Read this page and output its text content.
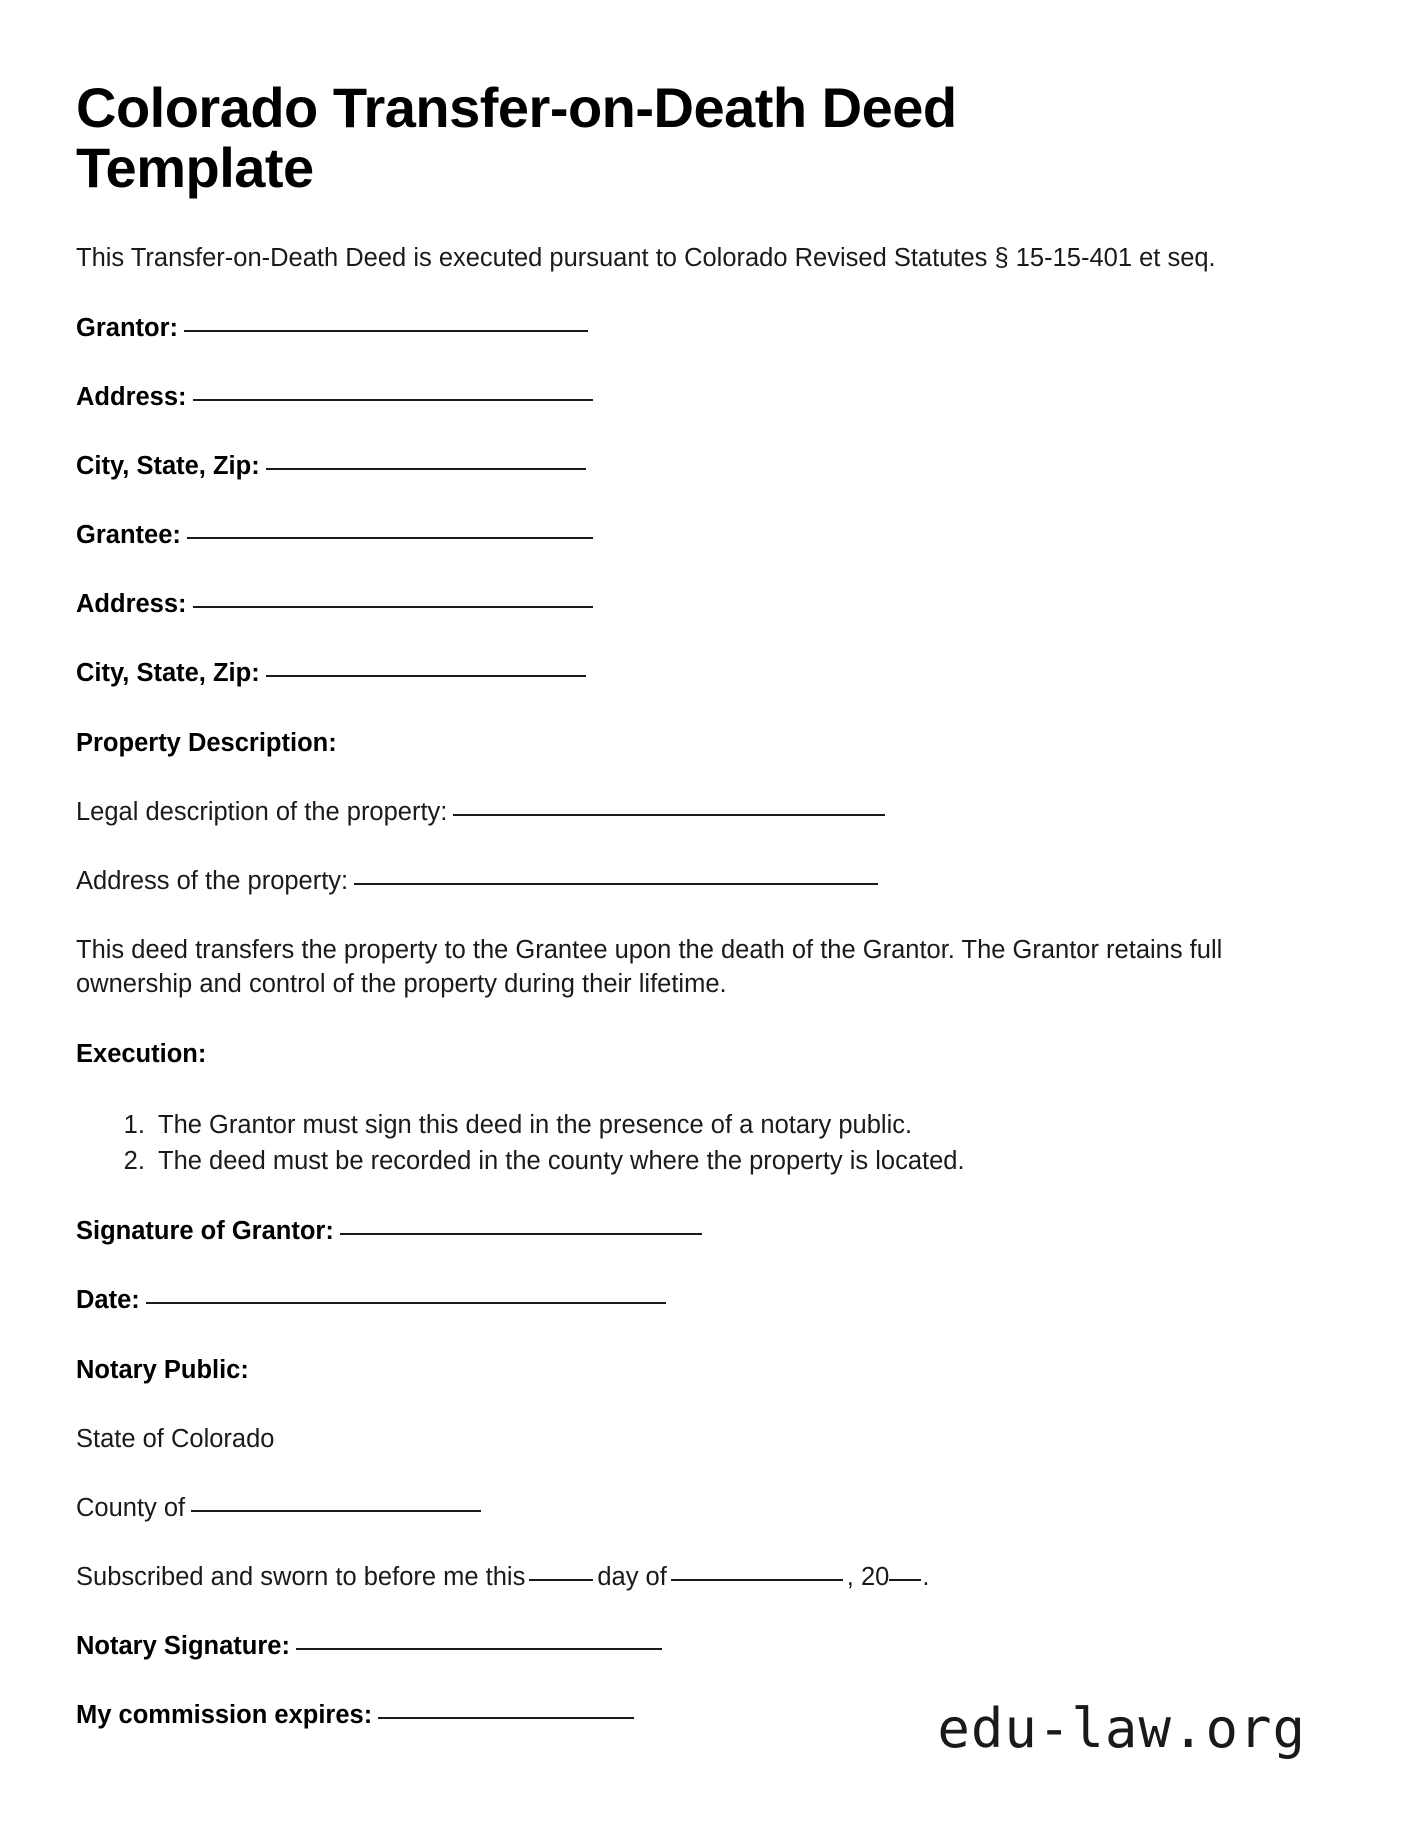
Colorado Transfer-on-Death Deed Template

This Transfer-on-Death Deed is executed pursuant to Colorado Revised Statutes § 15-15-401 et seq.

Grantor:
Address:
City, State, Zip:
Grantee:
Address:
City, State, Zip:
Property Description:
Legal description of the property:
Address of the property:

This deed transfers the property to the Grantee upon the death of the Grantor. The Grantor retains full ownership and control of the property during their lifetime.

Execution:
1. The Grantor must sign this deed in the presence of a notary public.
2. The deed must be recorded in the county where the property is located.
Signature of Grantor:
Date:
Notary Public:
State of Colorado
County of
Subscribed and sworn to before me this	day of	, 20 .
Notary Signature:
My commission expires:	edu-law.org
